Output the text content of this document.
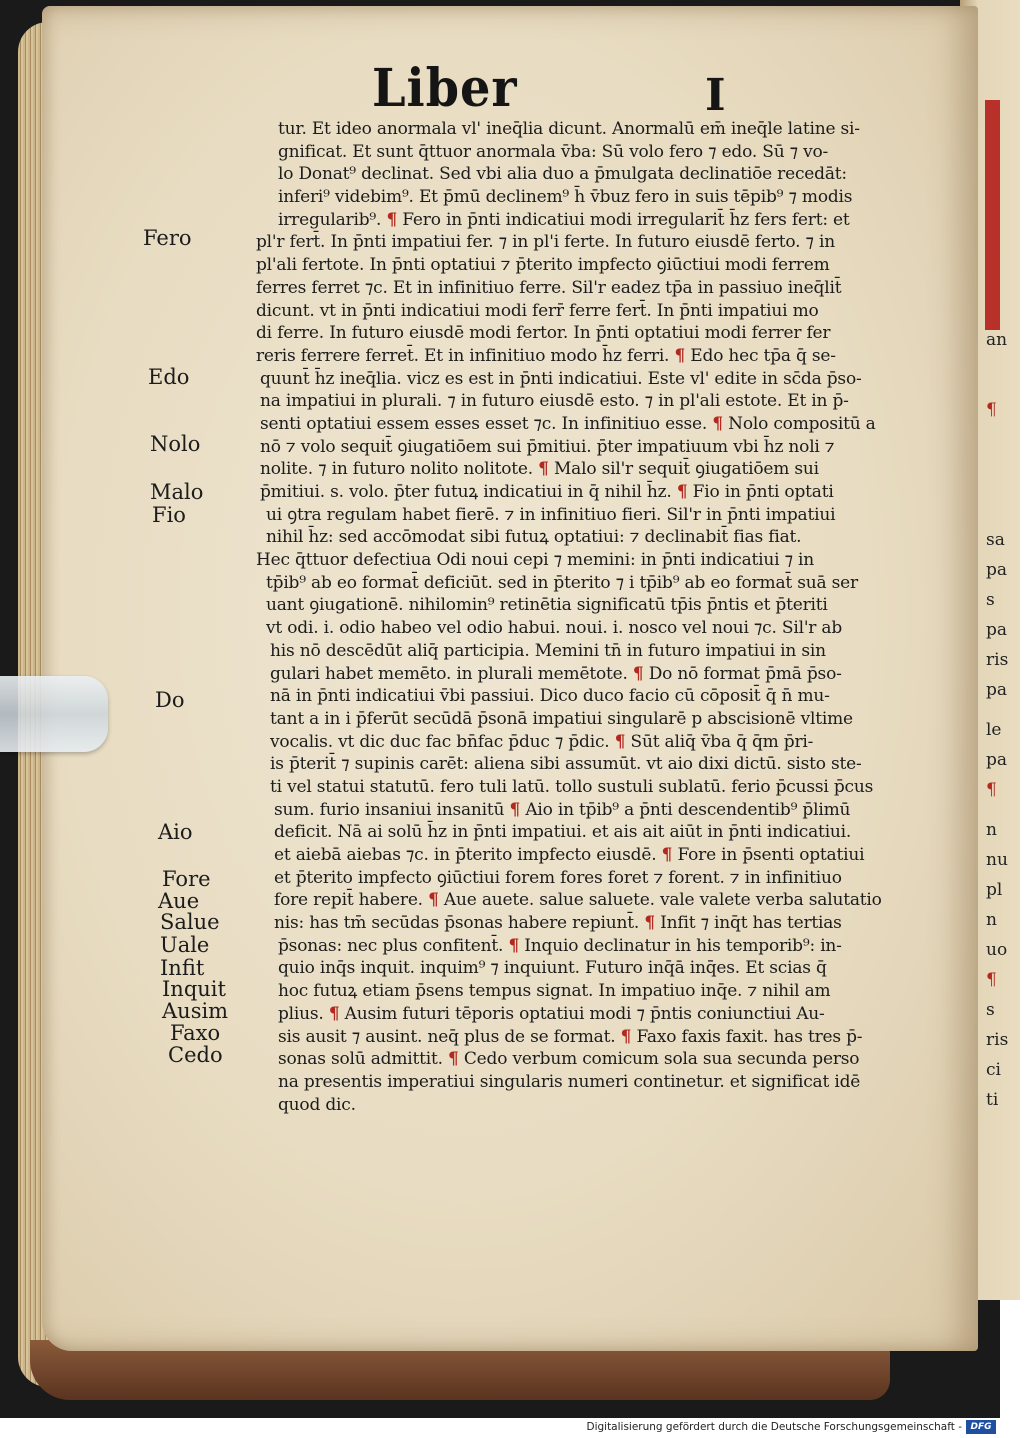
an
¶
sa
pa
s
pa
ris
pa
le
pa
¶
n
nu
pl
n
uo
¶
s
ris
ci
ti
Liber	I
tur. Et ideo anormala vl' ineq̄lia dicunt. Anormalū em̄ ineq̄le latine si-
gnificat. Et sunt q̄ttuor anormala v̄ba: Sū volo fero ⁊ edo. Sū ⁊ vo-
lo Donat⁹ declinat. Sed vbi alia duo a p̄mulgata declinatiōe recedāt:
inferi⁹ videbim⁹. Et p̄mū declinem⁹ h̄ v̄buz fero in suis tēpib⁹ ⁊ modis
irregularib⁹. ¶ Fero in p̄nti indicatiui modi irregularit̄ h̄z fers fert: et
pl'r fert̄. In p̄nti impatiui fer. ⁊ in pl'i ferte. In futuro eiusdē ferto. ⁊ in
pl'ali fertote. In p̄nti optatiui ⁊ p̄terito impfecto ꝯiūctiui modi ferrem
ferres ferret ⁊c. Et in infinitiuo ferre. Sil'r eadez tp̄a in passiuo ineq̄lit̄
dicunt. vt in p̄nti indicatiui modi ferr̄ ferre fert̄. In p̄nti impatiui mo
di ferre. In futuro eiusdē modi fertor. In p̄nti optatiui modi ferrer fer
reris ferrere ferret̄. Et in infinitiuo modo h̄z ferri. ¶ Edo hec tp̄a q̄ se-
quunt̄ h̄z ineq̄lia. vicz es est in p̄nti indicatiui. Este vl' edite in sc̄da p̄so-
na impatiui in plurali. ⁊ in futuro eiusdē esto. ⁊ in pl'ali estote. Et in p̄-
senti optatiui essem esses esset ⁊c. In infinitiuo esse. ¶ Nolo compositū a
nō ⁊ volo sequit̄ ꝯiugatiōem sui p̄mitiui. p̄ter impatiuum vbi h̄z noli ⁊
nolite. ⁊ in futuro nolito nolitote. ¶ Malo sil'r sequit̄ ꝯiugatiōem sui
p̄mitiui. s. volo. p̄ter futuꝝ indicatiui in q̄ nihil h̄z. ¶ Fio in p̄nti optati
ui ꝯtra regulam habet fierē. ⁊ in infinitiuo fieri. Sil'r in p̄nti impatiui
nihil h̄z: sed accōmodat sibi futuꝝ optatiui: ⁊ declinabit̄ fias fiat.
Hec q̄ttuor defectiua Odi noui cepi ⁊ memini: in p̄nti indicatiui ⁊ in
tp̄ib⁹ ab eo format̄ deficiūt. sed in p̄terito ⁊ i tp̄ib⁹ ab eo format̄ suā ser
uant ꝯiugationē. nihilomin⁹ retinētia significatū tp̄is p̄ntis et p̄teriti
vt odi. i. odio habeo vel odio habui. noui. i. nosco vel noui ⁊c. Sil'r ab
his nō descēdūt aliq̄ participia. Memini tn̄ in futuro impatiui in sin
gulari habet memēto. in plurali memētote. ¶ Do nō format p̄mā p̄so-
nā in p̄nti indicatiui v̄bi passiui. Dico duco facio cū cōposit̄ q̄ n̄ mu-
tant a in i p̄ferūt secūdā p̄sonā impatiui singularē p abscisionē vltime
vocalis. vt dic duc fac bn̄fac p̄duc ⁊ p̄dic. ¶ Sūt aliq̄ v̄ba q̄ q̄m p̄ri-
is p̄terit̄ ⁊ supinis carēt: aliena sibi assumūt. vt aio dixi dictū. sisto ste-
ti vel statui statutū. fero tuli latū. tollo sustuli sublatū. ferio p̄cussi p̄cus
sum. furio insaniui insanitū ¶ Aio in tp̄ib⁹ a p̄nti descendentib⁹ p̄limū
deficit. Nā ai solū h̄z in p̄nti impatiui. et ais ait aiūt in p̄nti indicatiui.
et aiebā aiebas ⁊c. in p̄terito impfecto eiusdē. ¶ Fore in p̄senti optatiui
et p̄terito impfecto ꝯiūctiui forem fores foret ⁊ forent. ⁊ in infinitiuo
fore repit̄ habere. ¶ Aue auete. salue saluete. vale valete verba salutatio
nis: has tm̄ secūdas p̄sonas habere repiunt̄. ¶ Infit ⁊ inq̄t has tertias
p̄sonas: nec plus confitent̄. ¶ Inquio declinatur in his temporib⁹: in-
quio inq̄s inquit. inquim⁹ ⁊ inquiunt. Futuro inq̄ā inq̄es. Et scias q̄
hoc futuꝝ etiam p̄sens tempus signat. In impatiuo inq̄e. ⁊ nihil am
plius. ¶ Ausim futuri tēporis optatiui modi ⁊ p̄ntis coniunctiui Au-
sis ausit ⁊ ausint. neq̄ plus de se format. ¶ Faxo faxis faxit. has tres p̄-
sonas solū admittit. ¶ Cedo verbum comicum sola sua secunda perso
na presentis imperatiui singularis numeri continetur. et significat idē
quod dic.
Fero
Edo
Nolo
Malo
Fio
Do
Aio
Fore
Aue
Salue
Uale
Infit
Inquit
Ausim
Faxo
Cedo
Digitalisierung gefördert durch die Deutsche Forschungsgemeinschaft - DFG
